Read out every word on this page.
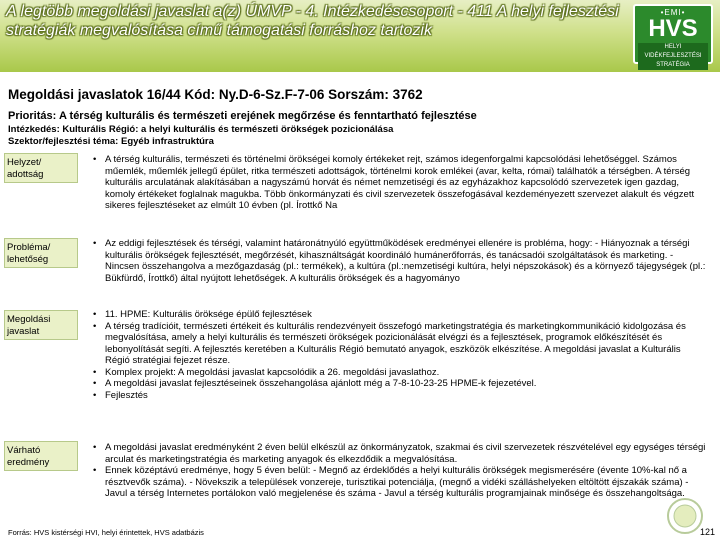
A legtöbb megoldási javaslat a(z) ÚMVP - 4. Intézkedéscsoport - 411 A helyi fejlesztési stratégiák megvalósítása című támogatási forráshoz tartozik
•EMI•
HVS
HELYI VIDÉKFEJLESZTÉSI STRATÉGIA
Megoldási javaslatok 16/44 Kód: Ny.D-6-Sz.F-7-06 Sorszám: 3762
Prioritás: A térség kulturális és természeti erejének megőrzése és fenntartható fejlesztése
Intézkedés: Kulturális Régió: a helyi kulturális és természeti örökségek pozicionálása
Szektor/fejlesztési téma: Egyéb infrastruktúra
Helyzet/ adottság
• A térség kulturális, természeti és történelmi örökségei komoly értékeket rejt, számos idegenforgalmi kapcsolódási lehetőséggel. Számos műemlék, műemlék jellegű épület, ritka természeti adottságok, történelmi korok emlékei (avar, kelta, római) találhatók a térségben. A térség kulturális arculatának alakításában a nagyszámú horvát és német nemzetiségi és az egyházakhoz kapcsolódó szervezetek igen gazdag, komoly értékeket foglalnak magukba. Több önkormányzati és civil szervezetek összefogásával kezdeményezett szervezet alakult és végzett sikeres fejlesztéseket az elmúlt 10 évben (pl. Írottkő Na
Probléma/ lehetőség
• Az eddigi fejlesztések és térségi, valamint határonátnyúló együttműködések eredményei ellenére is probléma, hogy: - Hiányoznak a térségi kulturális örökségek fejlesztését, megőrzését, kihasználtságát koordináló humánerőforrás, és tanácsadói szolgáltatások és marketing. - Nincsen összehangolva a mezőgazdaság (pl.: termékek), a kultúra (pl.:nemzetiségi kultúra, helyi népszokások) és a környező tájegységek (pl.: Bükfürdő, Írottkő) által nyújtott lehetőségek. A kulturális örökségek és a hagyományo
Megoldási javaslat
• 11. HPME: Kulturális öröksége épülő fejlesztések
• A térség tradícióit, természeti értékeit és kulturális rendezvényeit összefogó marketingstratégia és marketingkommunikáció kidolgozása és megvalósítása, amely a helyi kulturális és természeti örökségek pozicionálását elvégzi és a fejlesztések, programok előkészítését és lebonyolítását segíti. A fejlesztés keretében a Kulturális Régió bemutató anyagok, eszközök elkészítése. A megoldási javaslat a Kulturális Régió stratégiai fejezet része.
• Komplex projekt: A megoldási javaslat kapcsolódik a 26. megoldási javaslathoz.
• A megoldási javaslat fejlesztéseinek összehangolása ajánlott még a 7-8-10-23-25 HPME-k fejezetével.
• Fejlesztés
Várható eredmény
• A megoldási javaslat eredményként 2 éven belül elkészül az önkormányzatok, szakmai és civil szervezetek részvételével egy egységes térségi arculat és marketingstratégia és marketing anyagok és elkezdődik a megvalósítása.
• Ennek középtávú eredménye, hogy 5 éven belül: - Megnő az érdeklődés a helyi kulturális örökségek megismerésére (évente 10%-kal nő a résztvevők száma). - Növekszik a települések vonzereje, turisztikai potenciálja, (megnő a vidéki szálláshelyeken eltöltött éjszakák száma) - Javul a térség Internetes portálokon való megjelenése és száma - Javul a térség kulturális programjainak minősége és összehangoltsága.
Forrás: HVS kistérségi HVI, helyi érintettek, HVS adatbázis	121
